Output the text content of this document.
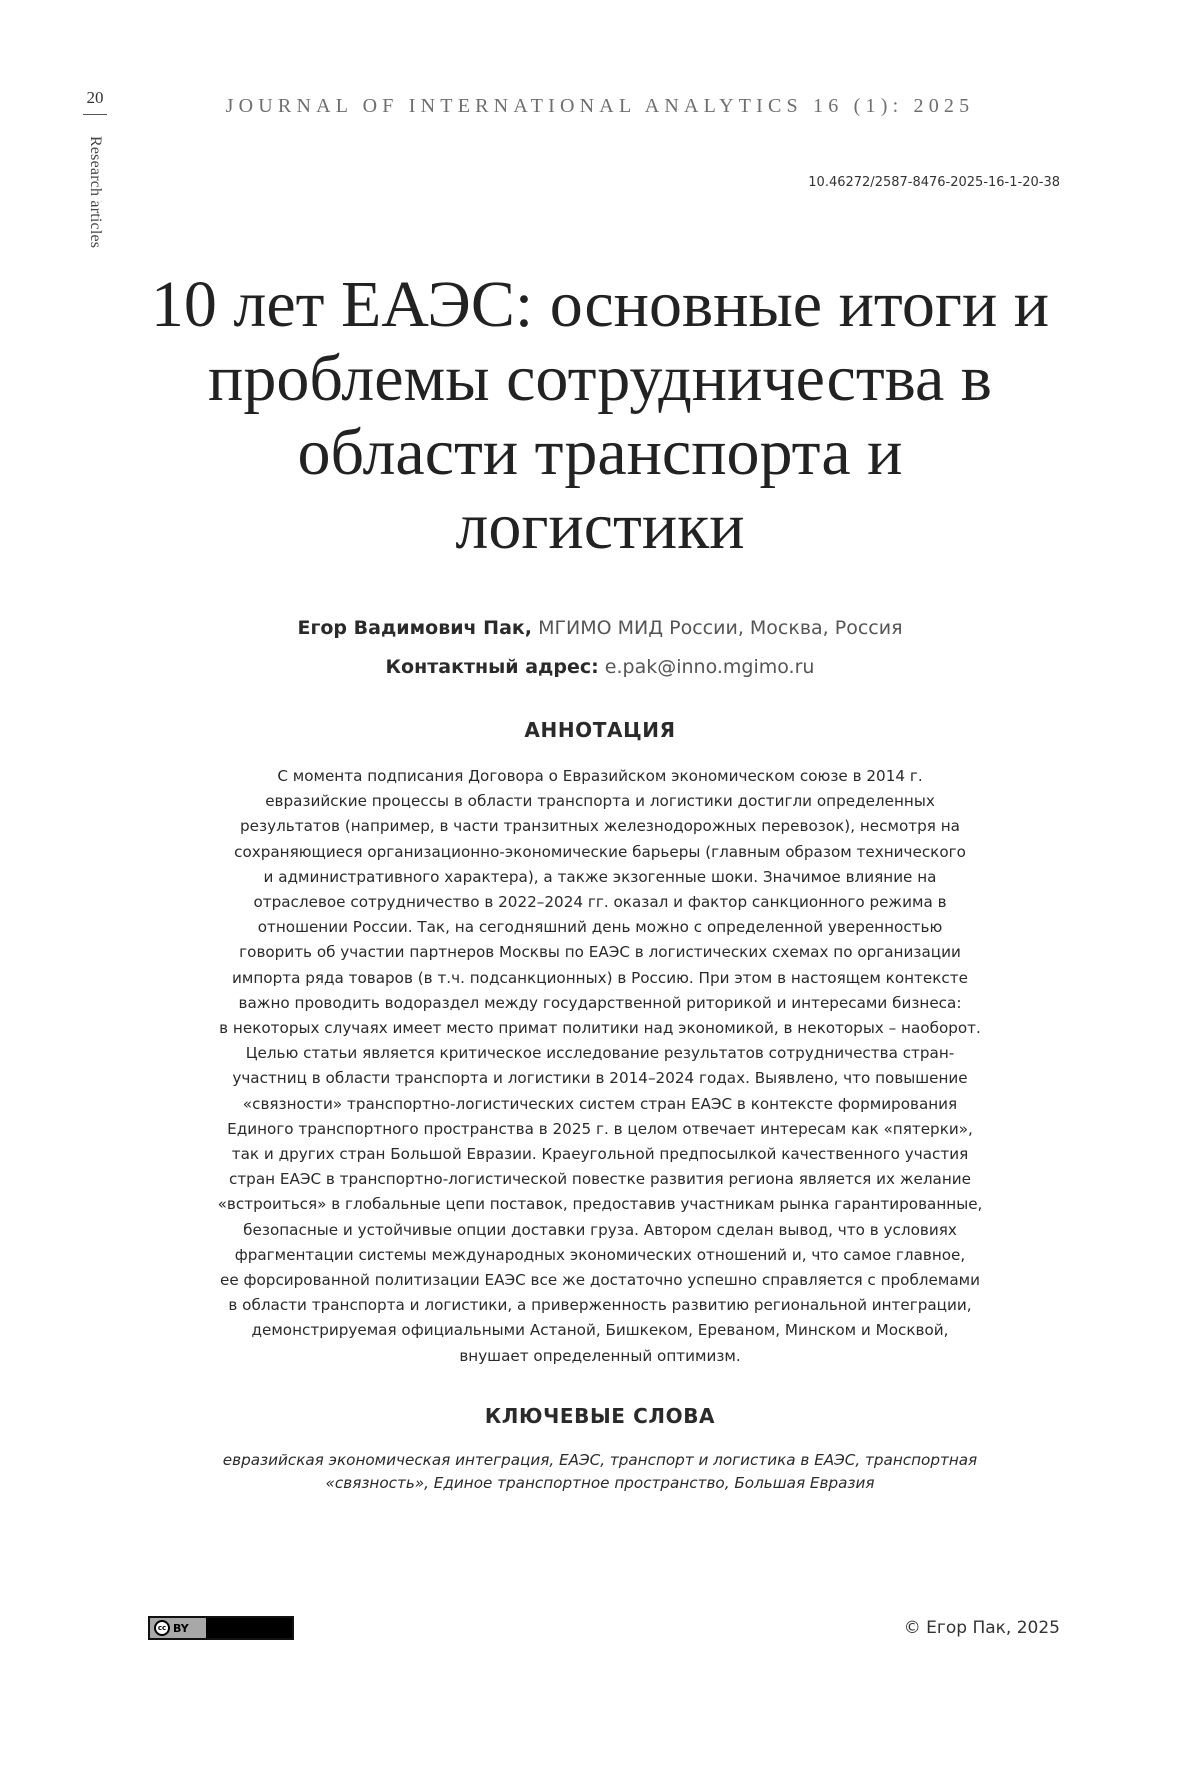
20
Research articles
JOURNAL OF INTERNATIONAL ANALYTICS 16 (1): 2025
10.46272/2587-8476-2025-16-1-20-38
10 лет ЕАЭС: основные итоги и проблемы сотрудничества в области транспорта и логистики
Егор Вадимович Пак, МГИМО МИД России, Москва, Россия
Контактный адрес: e.pak@inno.mgimo.ru
АННОТАЦИЯ
С момента подписания Договора о Евразийском экономическом союзе в 2014 г.
евразийские процессы в области транспорта и логистики достигли определенных
результатов (например, в части транзитных железнодорожных перевозок), несмотря на
сохраняющиеся организационно-экономические барьеры (главным образом технического
и административного характера), а также экзогенные шоки. Значимое влияние на
отраслевое сотрудничество в 2022–2024 гг. оказал и фактор санкционного режима в
отношении России. Так, на сегодняшний день можно с определенной уверенностью
говорить об участии партнеров Москвы по ЕАЭС в логистических схемах по организации
импорта ряда товаров (в т.ч. подсанкционных) в Россию. При этом в настоящем контексте
важно проводить водораздел между государственной риторикой и интересами бизнеса:
в некоторых случаях имеет место примат политики над экономикой, в некоторых – наоборот.
Целью статьи является критическое исследование результатов сотрудничества стран-
участниц в области транспорта и логистики в 2014–2024 годах. Выявлено, что повышение
«связности» транспортно-логистических систем стран ЕАЭС в контексте формирования
Единого транспортного пространства в 2025 г. в целом отвечает интересам как «пятерки»,
так и других стран Большой Евразии. Краеугольной предпосылкой качественного участия
стран ЕАЭС в транспортно-логистической повестке развития региона является их желание
«встроиться» в глобальные цепи поставок, предоставив участникам рынка гарантированные,
безопасные и устойчивые опции доставки груза. Автором сделан вывод, что в условиях
фрагментации системы международных экономических отношений и, что самое главное,
ее форсированной политизации ЕАЭС все же достаточно успешно справляется с проблемами
в области транспорта и логистики, а приверженность развитию региональной интеграции,
демонстрируемая официальными Астаной, Бишкеком, Ереваном, Минском и Москвой,
внушает определенный оптимизм.
КЛЮЧЕВЫЕ СЛОВА
евразийская экономическая интеграция, ЕАЭС, транспорт и логистика в ЕАЭС, транспортная
«связность», Единое транспортное пространство, Большая Евразия
cc BY	© Егор Пак, 2025
